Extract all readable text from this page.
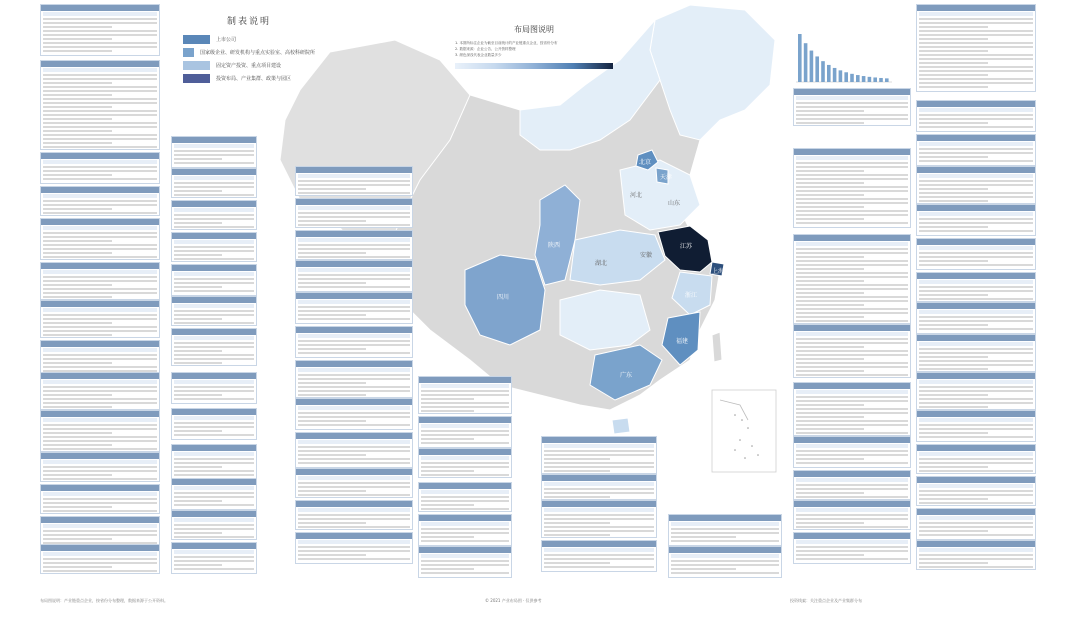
制表说明
上市公司
国家级企业、研发机构与重点实验室、高校科研院所
固定资产投资、重点项目建设
投资布局、产业集群、政策与园区
布局图说明
1. 本图所标注企业为截至目前统计的产业链重点企业，按省份分布
2. 数据来源：企业公告、公开资料整理
3. 颜色深浅代表企业数量多少
江苏
上海
浙江
福建
广东
四川
陕西
北京
天津
湖北
安徽
山东
河北
布局图说明：产业链重点企业，按省份分布整理，数据来源于公开资料。	© 2021 产业布局图 · 仅供参考	投资线索：关注重点企业及产业集群分布
